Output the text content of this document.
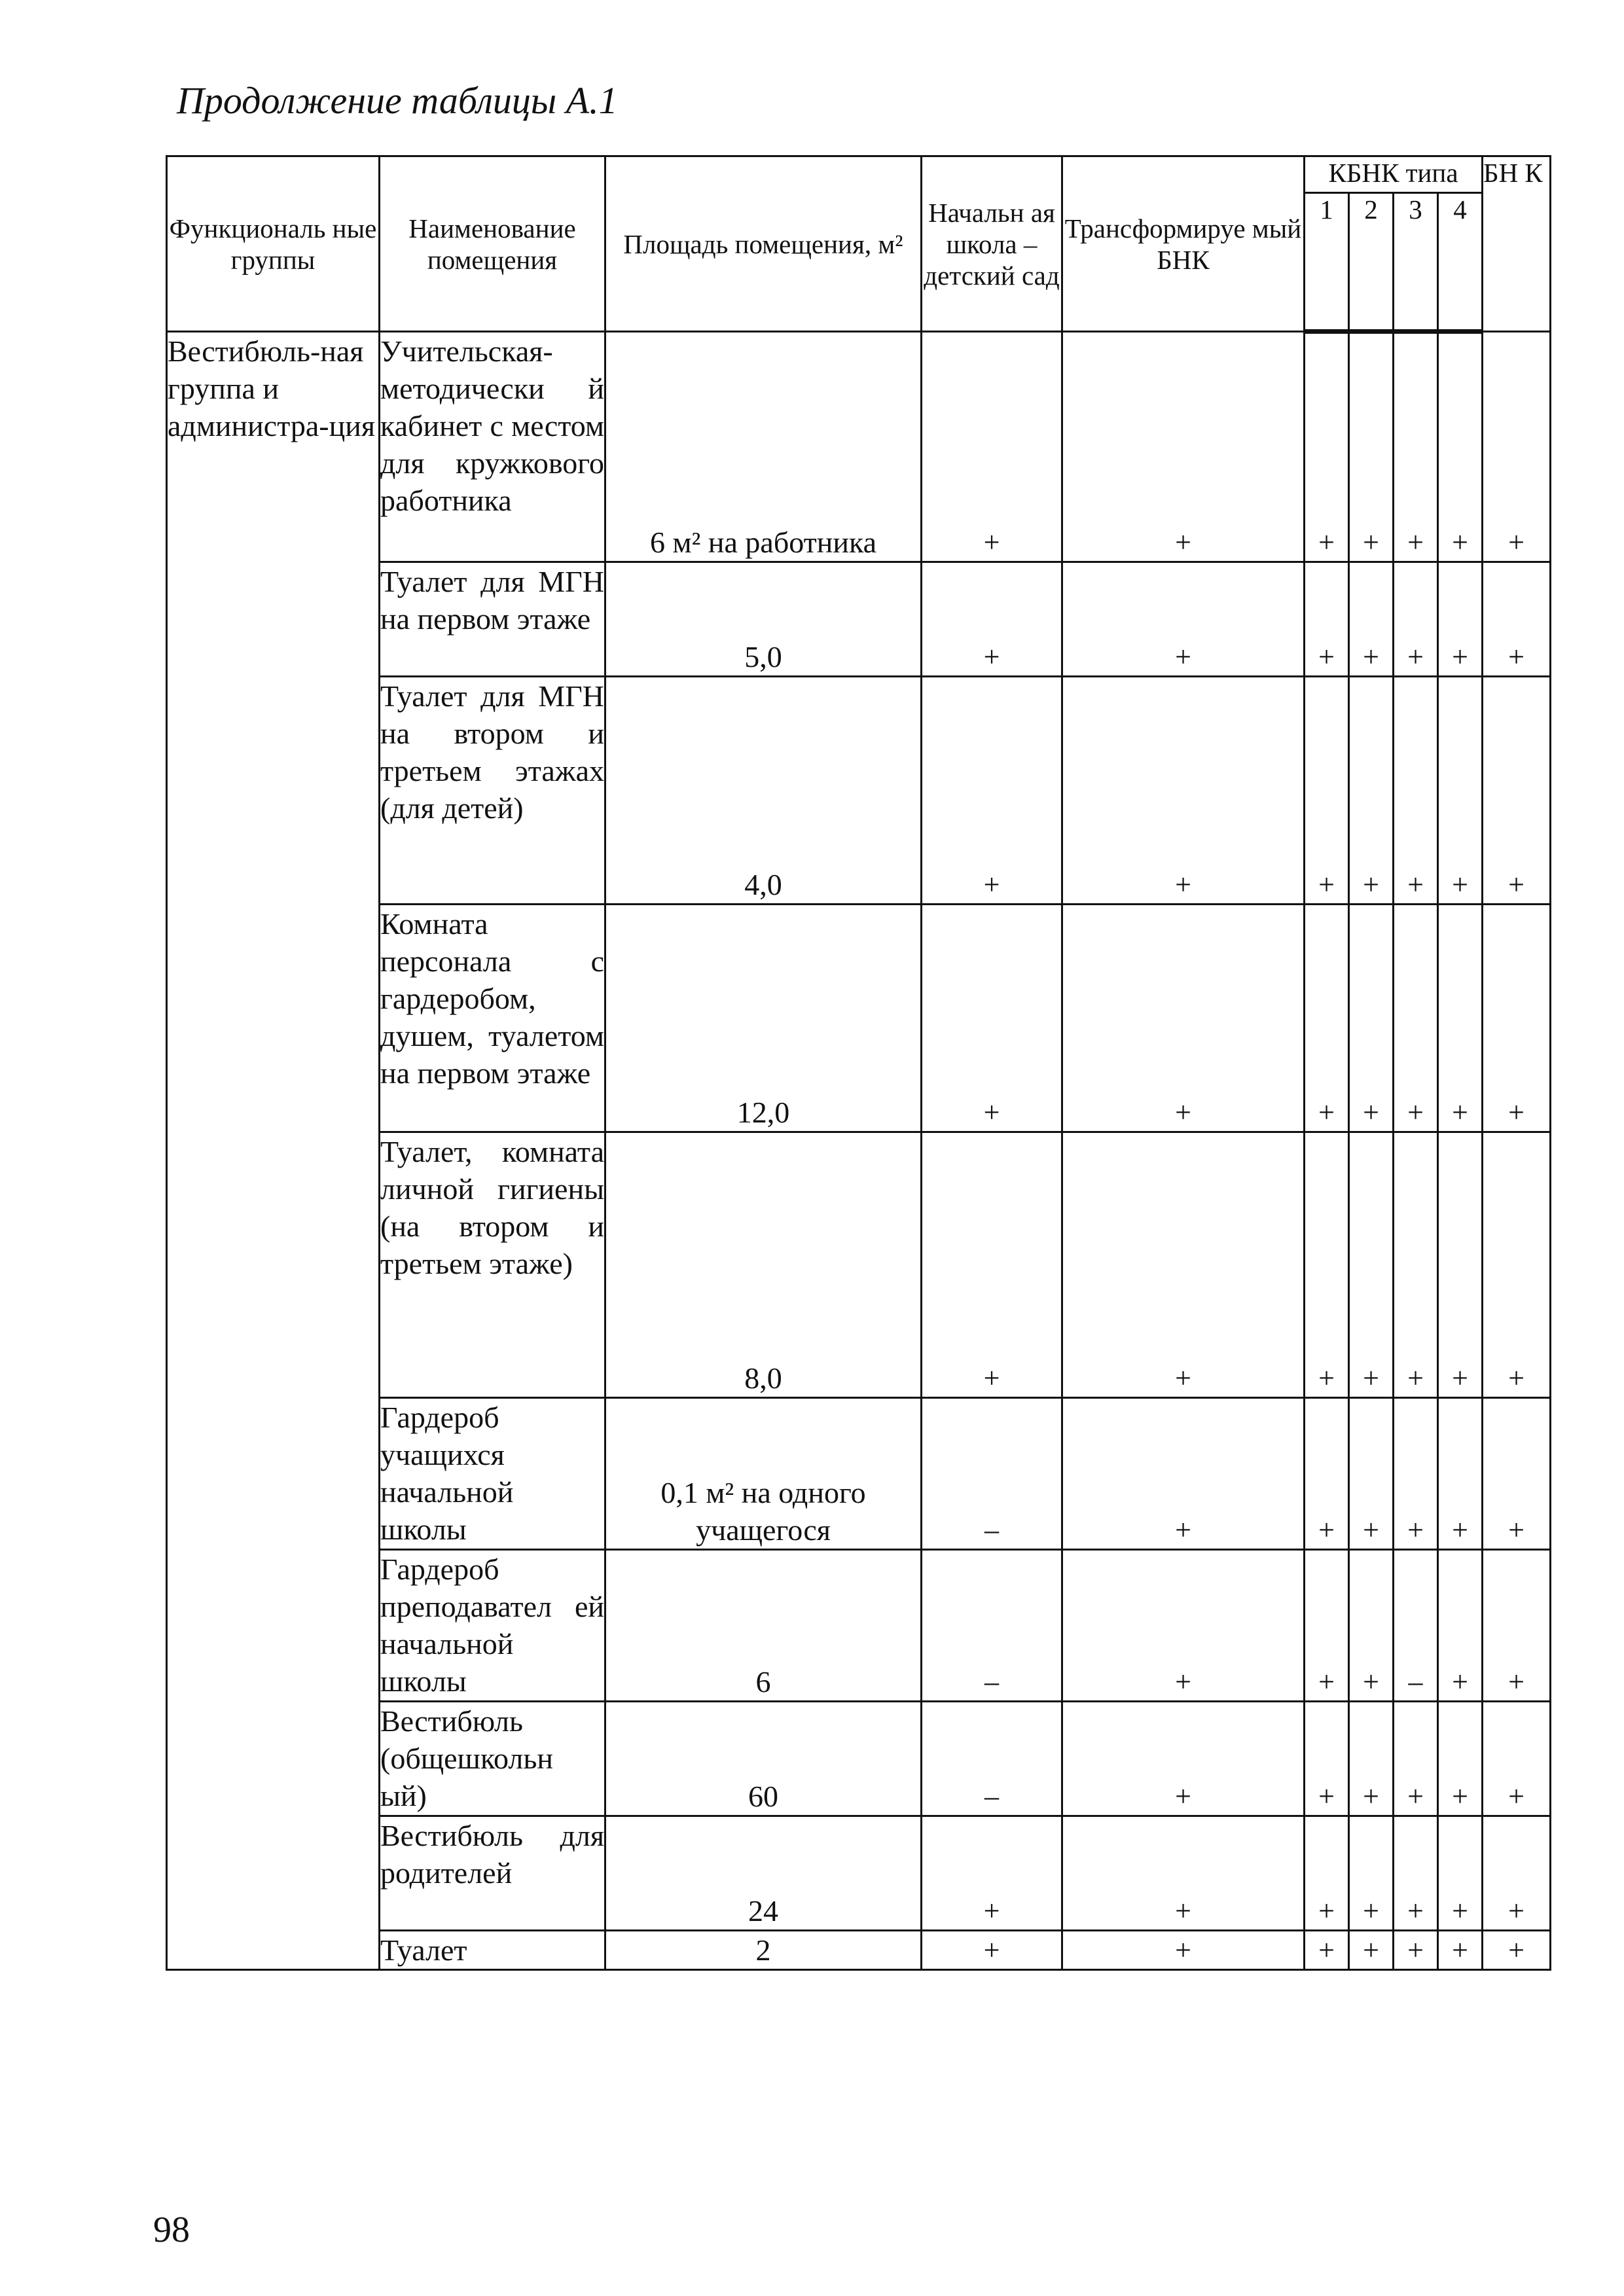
Продолжение таблицы А.1
Функциональ ные группы	Наименование помещения	Площадь помещения, м²	Начальн ая школа – детский сад	Трансформируе мый БНК	КБНК типа				БН К
					1	2	3	4	
Вестибюль-ная группа и администра-ция	Учительская-методически й кабинет с местом для кружкового работника	6 м² на работника	+	+	+	+	+	+	+
	Туалет для МГН на первом этаже	5,0	+	+	+	+	+	+	+
	Туалет для МГН на втором и третьем этажах (для детей)	4,0	+	+	+	+	+	+	+
	Комната персонала с гардеробом, душем, туалетом на первом этаже	12,0	+	+	+	+	+	+	+
	Туалет, комната личной гигиены (на втором и третьем этаже)	8,0	+	+	+	+	+	+	+
	Гардероб учащихся начальной школы	0,1 м² на одного учащегося	–	+	+	+	+	+	+
	Гардероб преподавател ей начальной школы	6	–	+	+	+	–	+	+
	Вестибюль (общешкольн ый)	60	–	+	+	+	+	+	+
	Вестибюль для родителей	24	+	+	+	+	+	+	+
	Туалет	2	+	+	+	+	+	+	+
98
